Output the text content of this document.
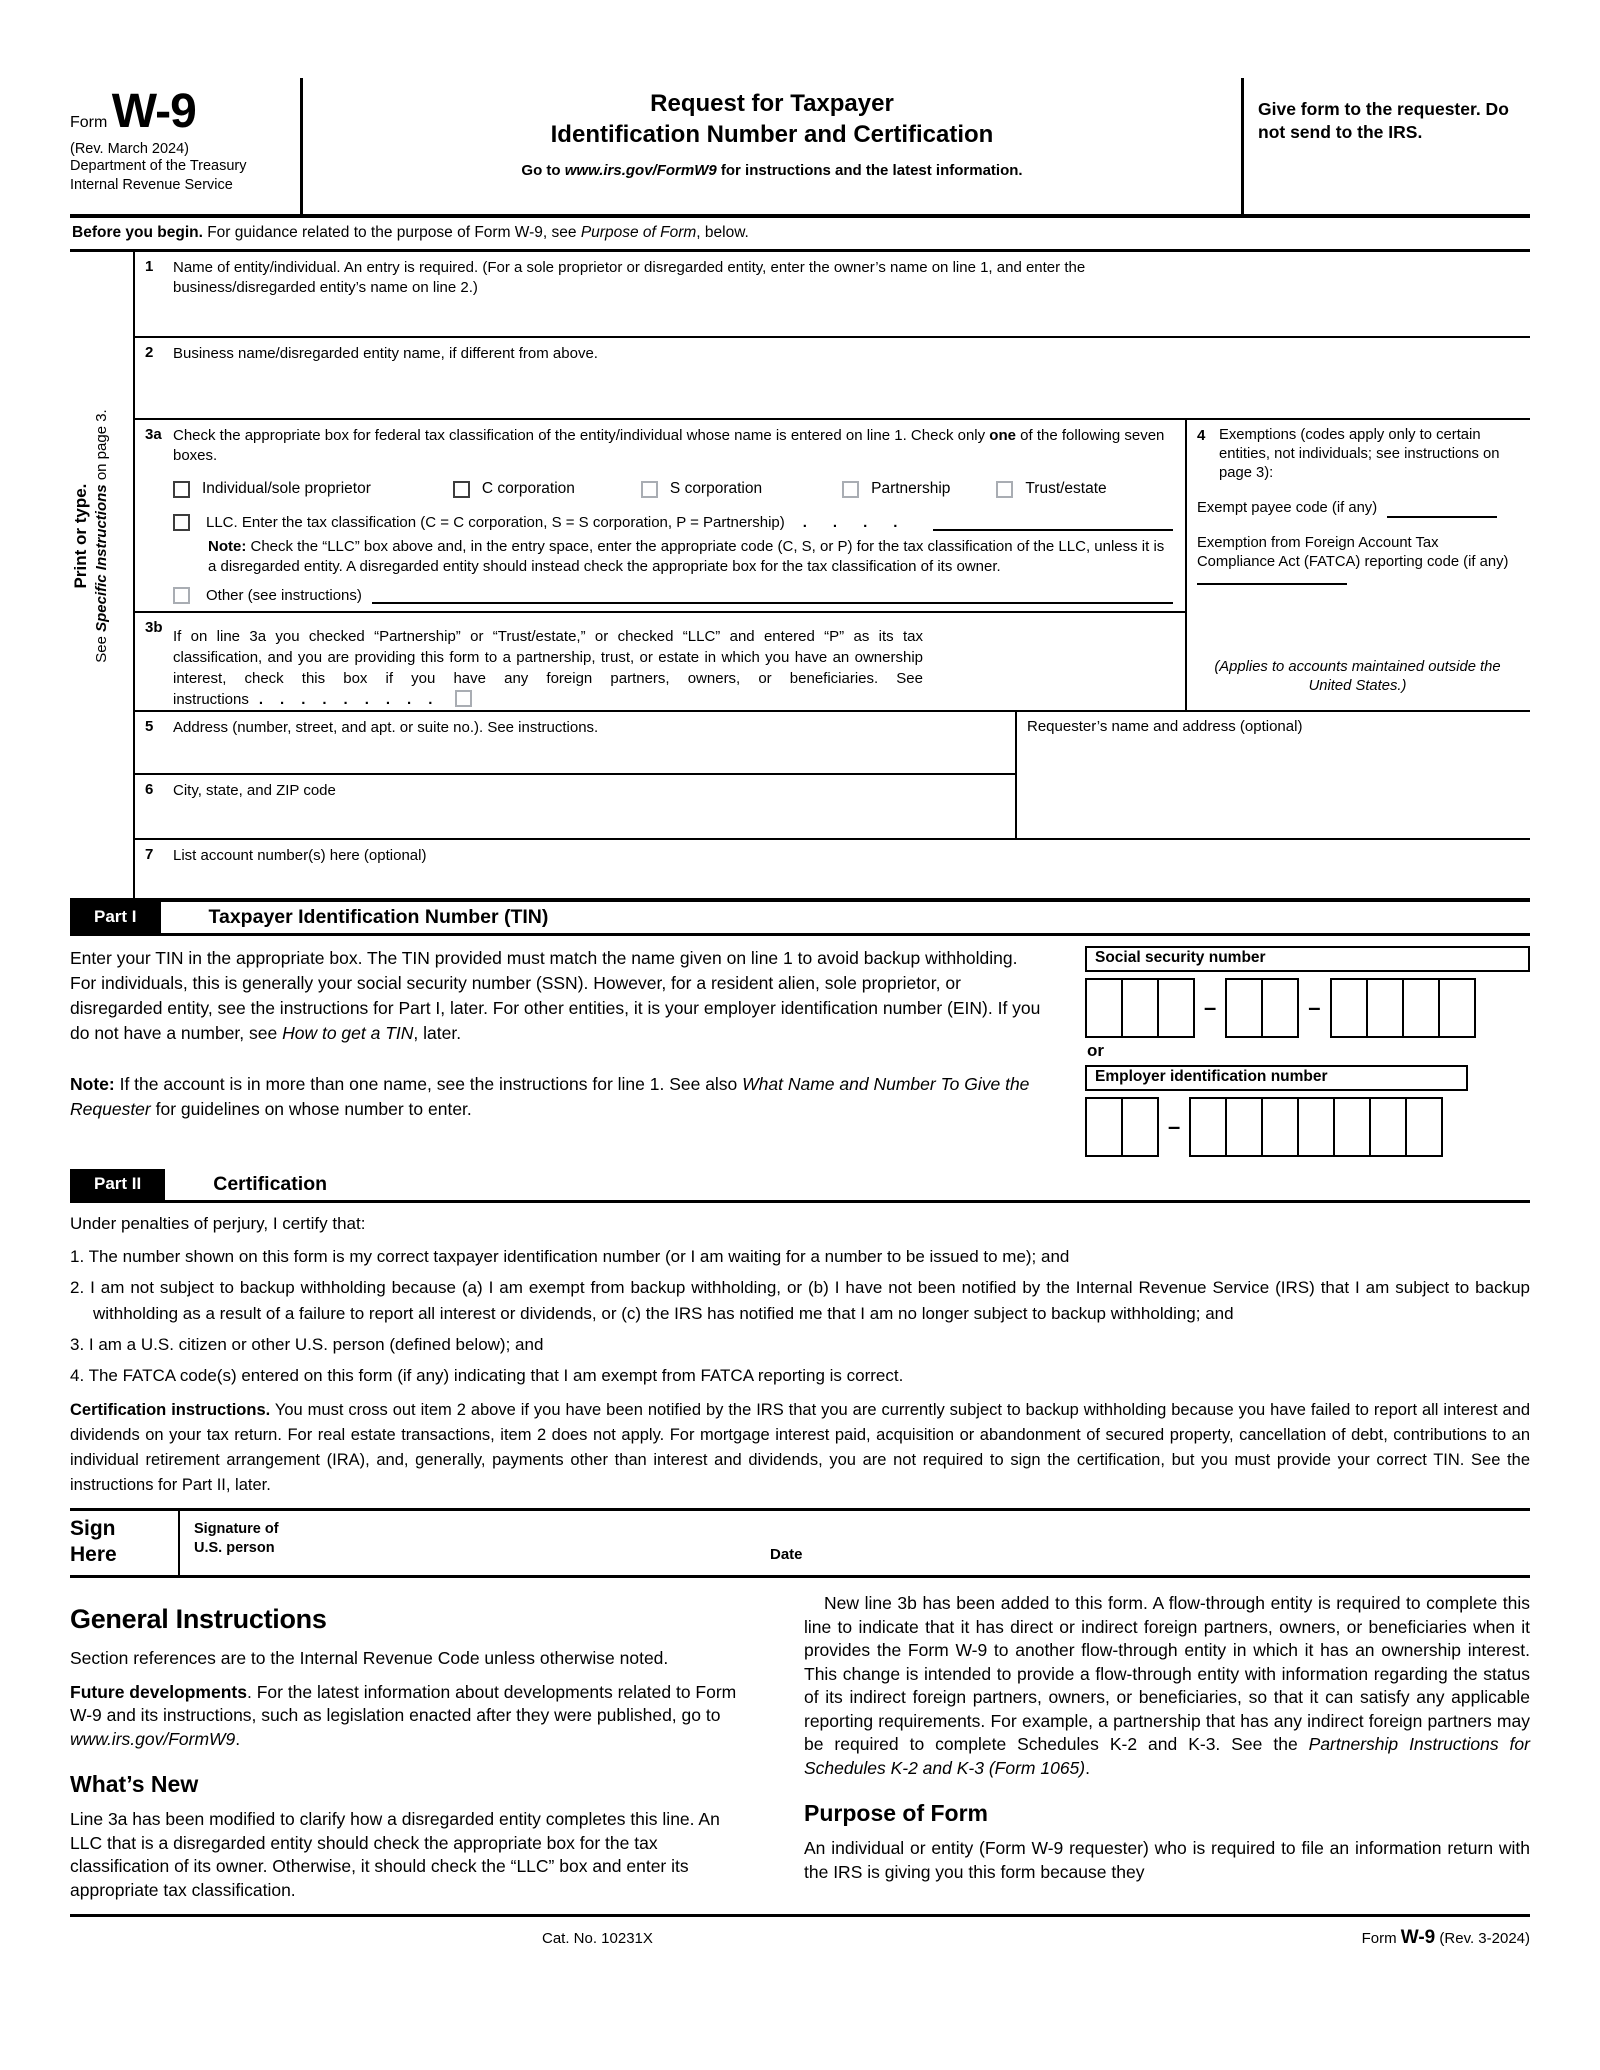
Form W-9
(Rev. March 2024)
Department of the Treasury
Internal Revenue Service
Request for Taxpayer
Identification Number and Certification
Go to www.irs.gov/FormW9 for instructions and the latest information.
Give form to the requester. Do not send to the IRS.
Before you begin. For guidance related to the purpose of Form W-9, see Purpose of Form, below.
Print or type.
See Specific Instructions on page 3.
1	Name of entity/individual. An entry is required. (For a sole proprietor or disregarded entity, enter the owner’s name on line 1, and enter the business/disregarded entity’s name on line 2.)
2	Business name/disregarded entity name, if different from above.
3a Check the appropriate box for federal tax classification of the entity/individual whose name is entered on line 1. Check only one of the following seven boxes.
Individual/sole proprietor	C corporation	S corporation	Partnership	Trust/estate
LLC. Enter the tax classification (C = C corporation, S = S corporation, P = Partnership) ....
Note: Check the “LLC” box above and, in the entry space, enter the appropriate code (C, S, or P) for the tax classification of the LLC, unless it is a disregarded entity. A disregarded entity should instead check the appropriate box for the tax classification of its owner.
Other (see instructions)
3b
If on line 3a you checked “Partnership” or “Trust/estate,” or checked “LLC” and entered “P” as its tax classification, and you are providing this form to a partnership, trust, or estate in which you have an ownership interest, check this box if you have any foreign partners, owners, or beneficiaries. See instructions .........
4 Exemptions (codes apply only to certain entities, not individuals; see instructions on page 3):
Exempt payee code (if any)
Exemption from Foreign Account Tax Compliance Act (FATCA) reporting code (if any)
(Applies to accounts maintained outside the United States.)
5	Address (number, street, and apt. or suite no.). See instructions.
6	City, state, and ZIP code
Requester’s name and address (optional)
7	List account number(s) here (optional)
Part I	Taxpayer Identification Number (TIN)

Enter your TIN in the appropriate box. The TIN provided must match the name given on line 1 to avoid backup withholding. For individuals, this is generally your social security number (SSN). However, for a resident alien, sole proprietor, or disregarded entity, see the instructions for Part I, later. For other entities, it is your employer identification number (EIN). If you do not have a number, see How to get a TIN, later.

Note: If the account is in more than one name, see the instructions for line 1. See also What Name and Number To Give the Requester for guidelines on whose number to enter.

Social security number
–	–
or
Employer identification number
–
Part II	Certification

Under penalties of perjury, I certify that:

1. The number shown on this form is my correct taxpayer identification number (or I am waiting for a number to be issued to me); and

2. I am not subject to backup withholding because (a) I am exempt from backup withholding, or (b) I have not been notified by the Internal Revenue Service (IRS) that I am subject to backup withholding as a result of a failure to report all interest or dividends, or (c) the IRS has notified me that I am no longer subject to backup withholding; and

3. I am a U.S. citizen or other U.S. person (defined below); and

4. The FATCA code(s) entered on this form (if any) indicating that I am exempt from FATCA reporting is correct.

Certification instructions. You must cross out item 2 above if you have been notified by the IRS that you are currently subject to backup withholding because you have failed to report all interest and dividends on your tax return. For real estate transactions, item 2 does not apply. For mortgage interest paid, acquisition or abandonment of secured property, cancellation of debt, contributions to an individual retirement arrangement (IRA), and, generally, payments other than interest and dividends, you are not required to sign the certification, but you must provide your correct TIN. See the instructions for Part II, later.

Sign
Here
Signature of
U.S. person	Date
General Instructions

Section references are to the Internal Revenue Code unless otherwise noted.

Future developments. For the latest information about developments related to Form W-9 and its instructions, such as legislation enacted after they were published, go to www.irs.gov/FormW9.

What’s New

Line 3a has been modified to clarify how a disregarded entity completes this line. An LLC that is a disregarded entity should check the appropriate box for the tax classification of its owner. Otherwise, it should check the “LLC” box and enter its appropriate tax classification.

New line 3b has been added to this form. A flow-through entity is required to complete this line to indicate that it has direct or indirect foreign partners, owners, or beneficiaries when it provides the Form W-9 to another flow-through entity in which it has an ownership interest. This change is intended to provide a flow-through entity with information regarding the status of its indirect foreign partners, owners, or beneficiaries, so that it can satisfy any applicable reporting requirements. For example, a partnership that has any indirect foreign partners may be required to complete Schedules K-2 and K-3. See the Partnership Instructions for Schedules K-2 and K-3 (Form 1065).

Purpose of Form

An individual or entity (Form W-9 requester) who is required to file an information return with the IRS is giving you this form because they

Cat. No. 10231X	Form W-9 (Rev. 3-2024)
